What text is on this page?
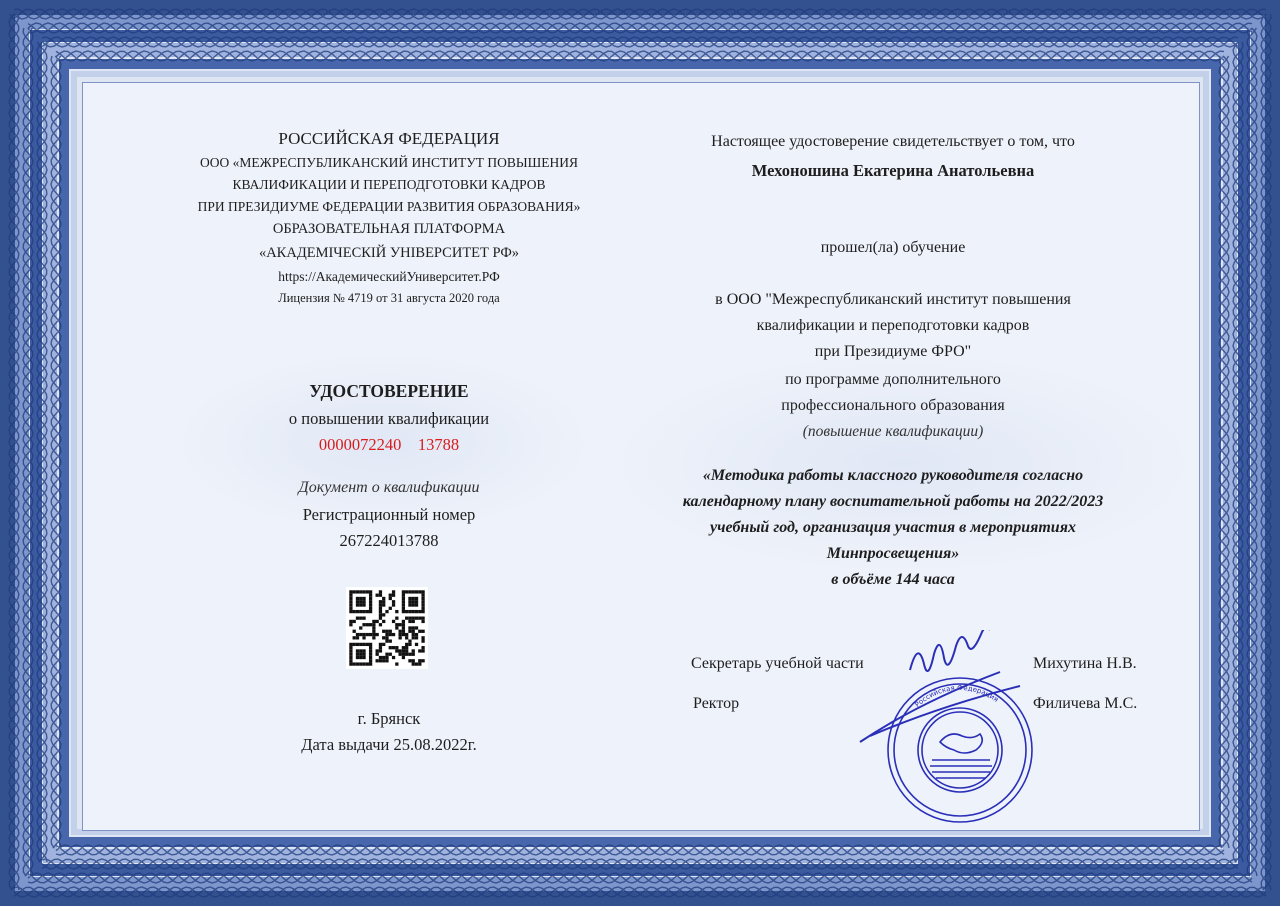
РОССИЙСКАЯ ФЕДЕРАЦИЯ
ООО «МЕЖРЕСПУБЛИКАНСКИЙ ИНСТИТУТ ПОВЫШЕНИЯ
КВАЛИФИКАЦИИ И ПЕРЕПОДГОТОВКИ КАДРОВ
ПРИ ПРЕЗИДИУМЕ ФЕДЕРАЦИИ РАЗВИТИЯ ОБРАЗОВАНИЯ»
ОБРАЗОВАТЕЛЬНАЯ ПЛАТФОРМА
«АКАДЕМIЧЕСКIЙ УНIВЕРСИТЕТ РФ»
https://АкадемическийУниверситет.РФ
Лицензия № 4719 от 31 августа 2020 года
УДОСТОВЕРЕНИЕ
о повышении квалификации
0000072240 13788
Документ о квалификации
Регистрационный номер
267224013788
г. Брянск
Дата выдачи 25.08.2022г.
Настоящее удостоверение свидетельствует о том, что
Мехоношина Екатерина Анатольевна
прошел(ла) обучение
в ООО "Межреспубликанский институт повышения
квалификации и переподготовки кадров
при Президиуме ФРО"
по программе дополнительного
профессионального образования
(повышение квалификации)
«Методика работы классного руководителя согласно
календарному плану воспитательной работы на 2022/2023
учебный год, организация участия в мероприятиях
Минпросвещения»
в объёме 144 часа
Секретарь учебной части	Михутина Н.В.
Ректор	Филичева М.С.
Российская Федерация
